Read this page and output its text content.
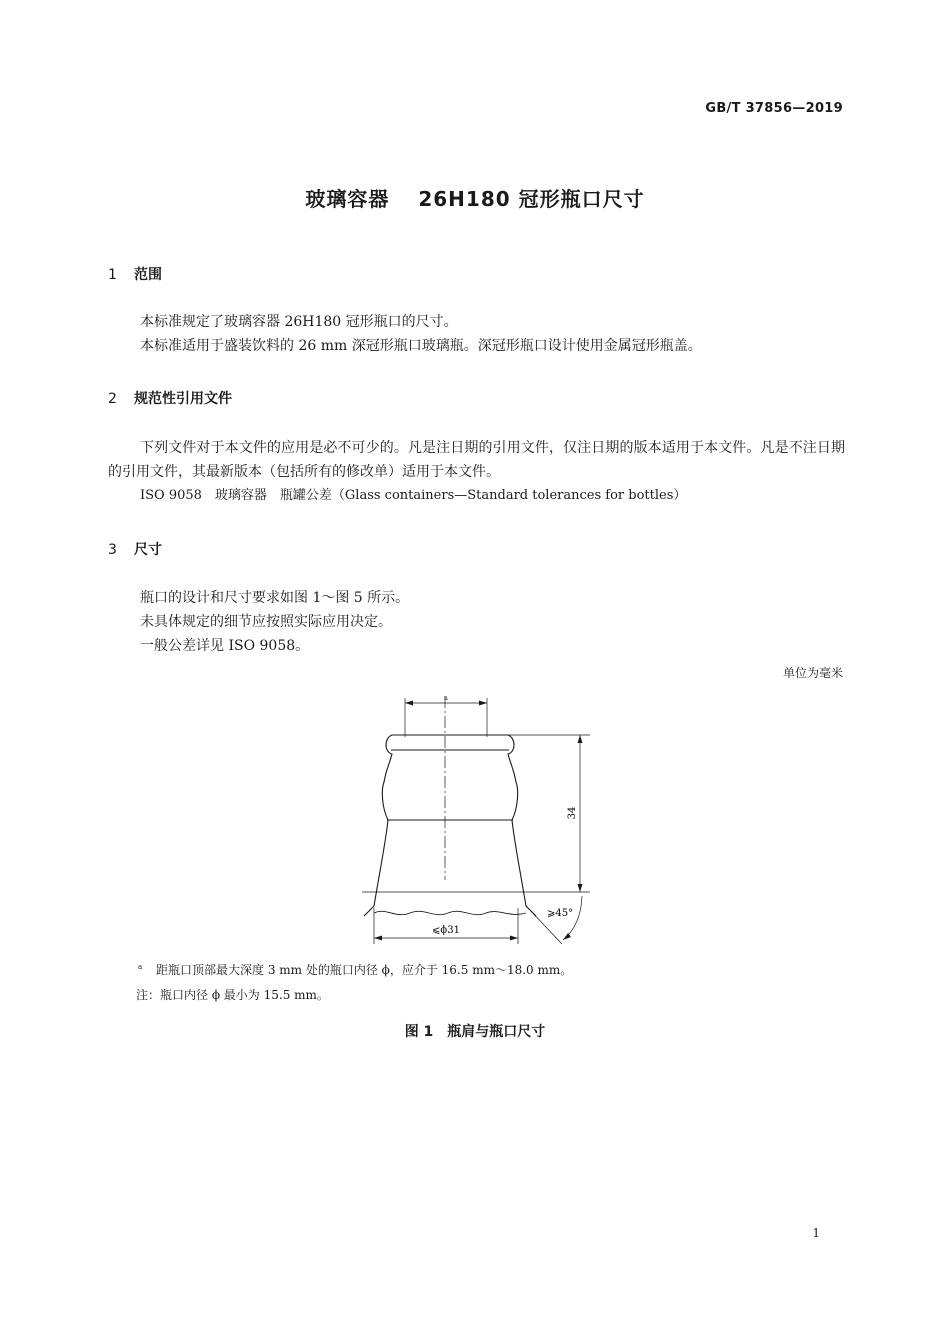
GB/T 37856—2019
玻璃容器　 26H180 冠形瓶口尺寸
1 范围
本标准规定了玻璃容器 26H180 冠形瓶口的尺寸。
本标准适用于盛装饮料的 26 mm 深冠形瓶口玻璃瓶。深冠形瓶口设计使用金属冠形瓶盖。
2 规范性引用文件
下列文件对于本文件的应用是必不可少的。凡是注日期的引用文件，仅注日期的版本适用于本文件。凡是不注日期的引用文件，其最新版本（包括所有的修改单）适用于本文件。
ISO 9058　玻璃容器　瓶罐公差（Glass containers—Standard tolerances for bottles）
3 尺寸
瓶口的设计和尺寸要求如图 1～图 5 所示。
未具体规定的细节应按照实际应用决定。
一般公差详见 ISO 9058。
单位为毫米
a
34
⩾45°
⩽ϕ31
$^a$ 距瓶口顶部最大深度 3 mm 处的瓶口内径 ϕ，应介于 16.5 mm～18.0 mm。
注：瓶口内径 ϕ 最小为 15.5 mm。
图 1　瓶肩与瓶口尺寸
1
